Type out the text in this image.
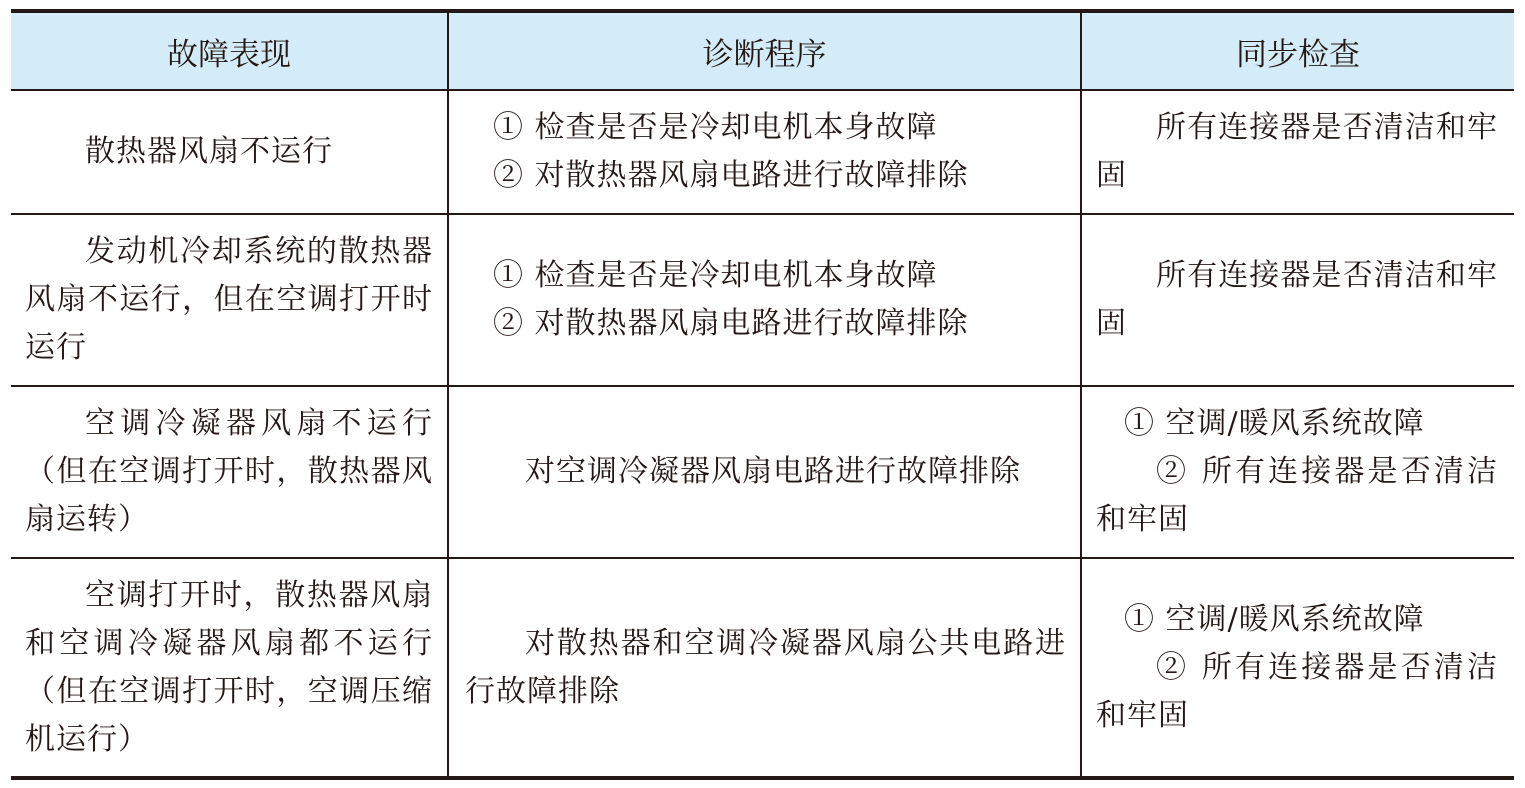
故障表现	诊断程序	同步检查

散热器风扇不运行	① 检查是否是冷却电机本身故障
② 对散热器风扇电路进行故障排除	所有连接器是否清洁和牢固

发动机冷却系统的散热器风扇不运行，但在空调打开时运行	① 检查是否是冷却电机本身故障
② 对散热器风扇电路进行故障排除	所有连接器是否清洁和牢固

空调冷凝器风扇不运行（但在空调打开时，散热器风扇运转）	对空调冷凝器风扇电路进行故障排除	① 空调/暖风系统故障
② 所有连接器是否清洁和牢固

空调打开时，散热器风扇和空调冷凝器风扇都不运行（但在空调打开时，空调压缩机运行）	对散热器和空调冷凝器风扇公共电路进行故障排除	① 空调/暖风系统故障
② 所有连接器是否清洁和牢固
